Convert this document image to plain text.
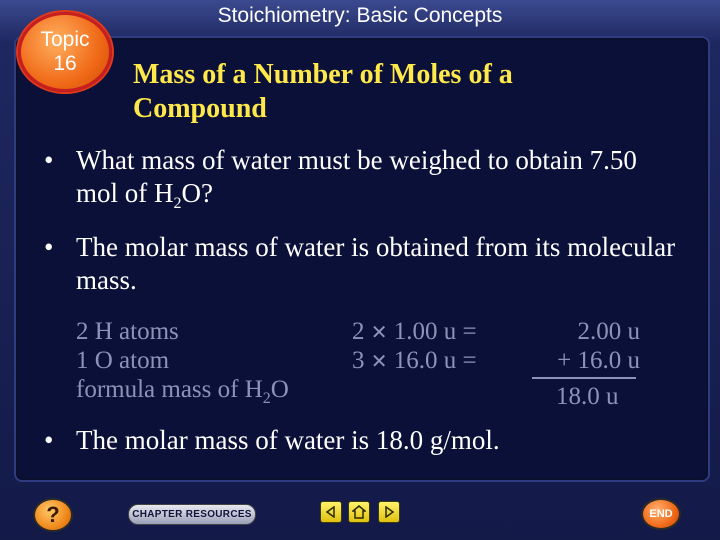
Topic
16
Stoichiometry: Basic Concepts
Mass of a Number of Moles of a
Compound
• What mass of water must be weighed to obtain 7.50 mol of $H_2O$?
• The molar mass of water is obtained from its molecular mass.
2 H atoms
1 O atom
formula mass of $H_2O$
2 ✕ 1.00 u =
3 ✕ 16.0 u =
2.00 u
+ 16.0 u
18.0 u
• The molar mass of water is 18.0 g/mol.
?	CHAPTER RESOURCES	END
